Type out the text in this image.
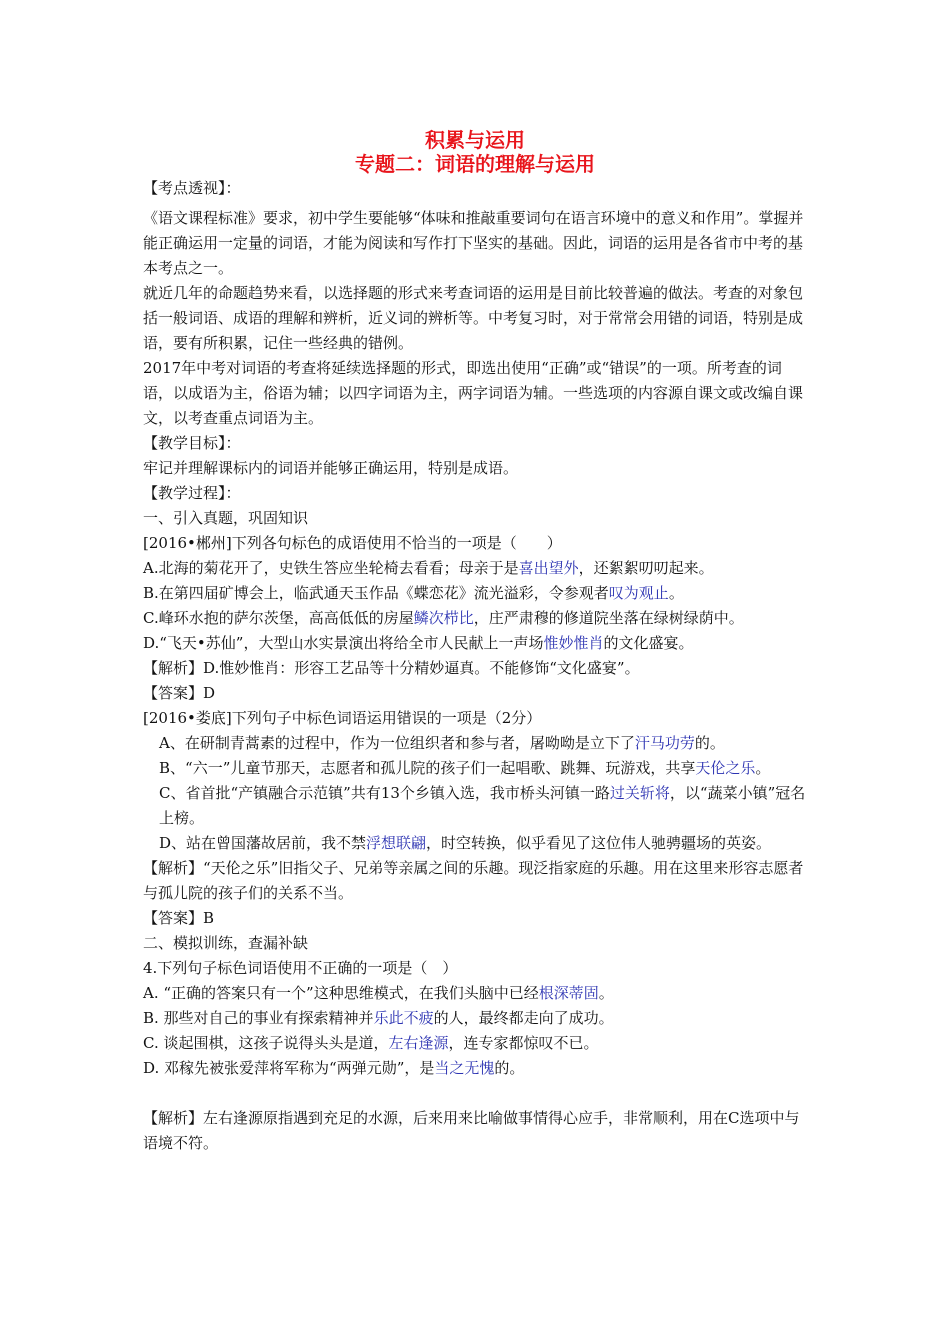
积累与运用
专题二：词语的理解与运用

【考点透视】：

《语文课程标准》要求，初中学生要能够“体味和推敲重要词句在语言环境中的意义和作用”。掌握并能正确运用一定量的词语，才能为阅读和写作打下坚实的基础。因此，词语的运用是各省市中考的基本考点之一。

就近几年的命题趋势来看，以选择题的形式来考查词语的运用是目前比较普遍的做法。考查的对象包括一般词语、成语的理解和辨析，近义词的辨析等。中考复习时，对于常常会用错的词语，特别是成语，要有所积累，记住一些经典的错例。

2017年中考对词语的考查将延续选择题的形式，即选出使用“正确”或“错误”的一项。所考查的词语，以成语为主，俗语为辅；以四字词语为主，两字词语为辅。一些选项的内容源自课文或改编自课文，以考查重点词语为主。

【教学目标】：

牢记并理解课标内的词语并能够正确运用，特别是成语。

【教学过程】：

一、引入真题，巩固知识

[2016•郴州]下列各句标色的成语使用不恰当的一项是（　　）

A.北海的菊花开了，史铁生答应坐轮椅去看看；母亲于是喜出望外，还絮絮叨叨起来。

B.在第四届矿博会上，临武通天玉作品《蝶恋花》流光溢彩，令参观者叹为观止。

C.峰环水抱的萨尔茨堡，高高低低的房屋鳞次栉比，庄严肃穆的修道院坐落在绿树绿荫中。

D.“飞天•苏仙”，大型山水实景演出将给全市人民献上一声场惟妙惟肖的文化盛宴。

【解析】D.惟妙惟肖：形容工艺品等十分精妙逼真。不能修饰“文化盛宴”。

【答案】D

[2016•娄底]下列句子中标色词语运用错误的一项是（2分）

A、在研制青蒿素的过程中，作为一位组织者和参与者，屠呦呦是立下了汗马功劳的。

B、“六一”儿童节那天，志愿者和孤儿院的孩子们一起唱歌、跳舞、玩游戏，共享天伦之乐。

C、省首批“产镇融合示范镇”共有13个乡镇入选，我市桥头河镇一路过关斩将，以“蔬菜小镇”冠名上榜。

D、站在曾国藩故居前，我不禁浮想联翩，时空转换，似乎看见了这位伟人驰骋疆场的英姿。

【解析】“天伦之乐”旧指父子、兄弟等亲属之间的乐趣。现泛指家庭的乐趣。用在这里来形容志愿者与孤儿院的孩子们的关系不当。

【答案】B

二、模拟训练，查漏补缺

4.下列句子标色词语使用不正确的一项是（　）

A. “正确的答案只有一个”这种思维模式，在我们头脑中已经根深蒂固。

B. 那些对自己的事业有探索精神并乐此不疲的人，最终都走向了成功。

C. 谈起围棋，这孩子说得头头是道，左右逢源，连专家都惊叹不已。

D. 邓稼先被张爱萍将军称为“两弹元勋”，是当之无愧的。

【解析】左右逢源原指遇到充足的水源，后来用来比喻做事情得心应手，非常顺利，用在C选项中与语境不符。
